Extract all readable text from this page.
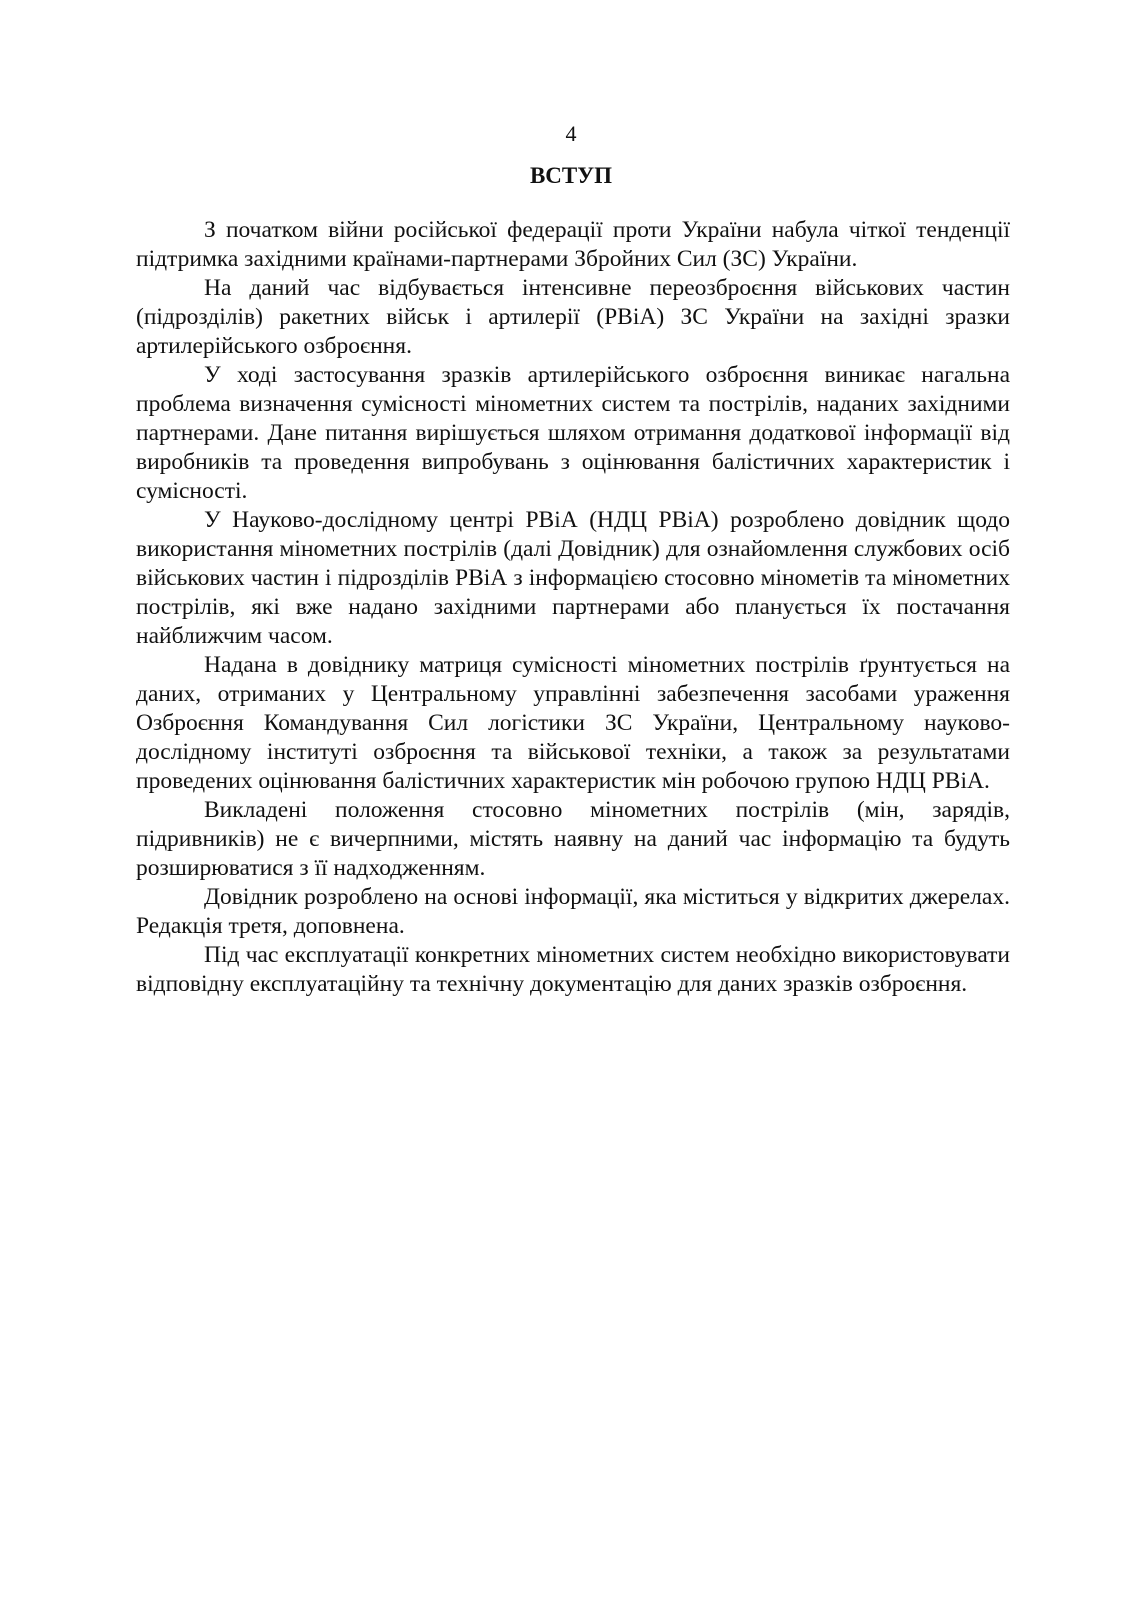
4

ВСТУП

З початком війни російської федерації проти України набула чіткої тенденції підтримка західними країнами-партнерами Збройних Сил (ЗС) України.

На даний час відбувається інтенсивне переозброєння військових частин (підрозділів) ракетних військ і артилерії (РВіА) ЗС України на західні зразки артилерійського озброєння.

У ході застосування зразків артилерійського озброєння виникає нагальна проблема визначення сумісності мінометних систем та пострілів, наданих західними партнерами. Дане питання вирішується шляхом отримання додаткової інформації від виробників та проведення випробувань з оцінювання балістичних характеристик і сумісності.

У Науково-дослідному центрі РВіА (НДЦ РВіА) розроблено довідник щодо використання мінометних пострілів (далі Довідник) для ознайомлення службових осіб військових частин і підрозділів РВіА з інформацією стосовно мінометів та мінометних пострілів, які вже надано західними партнерами або планується їх постачання найближчим часом.

Надана в довіднику матриця сумісності мінометних пострілів ґрунтується на даних, отриманих у Центральному управлінні забезпечення засобами ураження Озброєння Командування Сил логістики ЗС України, Центральному науково-дослідному інституті озброєння та військової техніки, а також за результатами проведених оцінювання балістичних характеристик мін робочою групою НДЦ РВіА.

Викладені положення стосовно мінометних пострілів (мін, зарядів, підривників) не є вичерпними, містять наявну на даний час інформацію та будуть розширюватися з її надходженням.

Довідник розроблено на основі інформації, яка міститься у відкритих джерелах. Редакція третя, доповнена.

Під час експлуатації конкретних мінометних систем необхідно використовувати відповідну експлуатаційну та технічну документацію для даних зразків озброєння.
